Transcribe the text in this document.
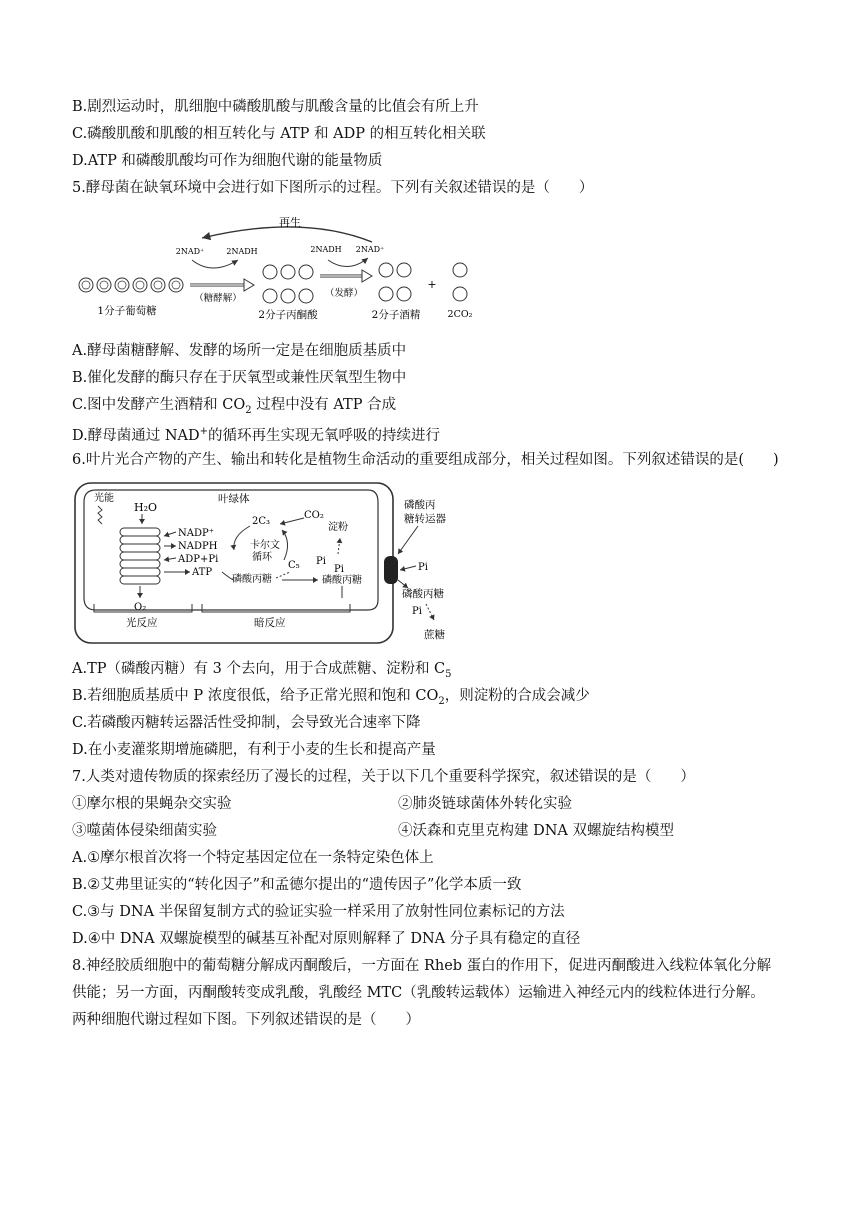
B.剧烈运动时，肌细胞中磷酸肌酸与肌酸含量的比值会有所上升
C.磷酸肌酸和肌酸的相互转化与 ATP 和 ADP 的相互转化相关联
D.ATP 和磷酸肌酸均可作为细胞代谢的能量物质
5.酵母菌在缺氧环境中会进行如下图所示的过程。下列有关叙述错误的是（　　）
再生
2NAD⁺	2NADH	2NADH 2NAD⁺
1分子葡萄糖
（糖酵解）
2分子丙酮酸
（发酵）
2分子酒精
+
2CO₂
A.酵母菌糖酵解、发酵的场所一定是在细胞质基质中
B.催化发酵的酶只存在于厌氧型或兼性厌氧型生物中
C.图中发酵产生酒精和 $CO_2$ 过程中没有 ATP 合成
D.酵母菌通过 NAD+的循环再生实现无氧呼吸的持续进行
6.叶片光合产物的产生、输出和转化是植物生命活动的重要组成部分，相关过程如图。下列叙述错误的是(　　)
光能
H₂O
叶绿体
O₂
NADP⁺
NADPH
ADP+Pi
ATP
2C₃
CO₂
卡尔文
循环
C₅
磷酸丙糖
淀粉
Pi
Pi
磷酸丙糖
光反应	暗反应
磷酸丙
糖转运器
Pi
磷酸丙糖
Pi
蔗糖
A.TP（磷酸丙糖）有 3 个去向，用于合成蔗糖、淀粉和 $C_5$
B.若细胞质基质中 P 浓度很低，给予正常光照和饱和 $CO_2$，则淀粉的合成会减少
C.若磷酸丙糖转运器活性受抑制，会导致光合速率下降
D.在小麦灌浆期增施磷肥，有利于小麦的生长和提高产量
7.人类对遗传物质的探索经历了漫长的过程，关于以下几个重要科学探究，叙述错误的是（　　）
①摩尔根的果蝇杂交实验	②肺炎链球菌体外转化实验
③噬菌体侵染细菌实验	④沃森和克里克构建 DNA 双螺旋结构模型
A.①摩尔根首次将一个特定基因定位在一条特定染色体上
B.②艾弗里证实的“转化因子”和孟德尔提出的“遗传因子”化学本质一致
C.③与 DNA 半保留复制方式的验证实验一样采用了放射性同位素标记的方法
D.④中 DNA 双螺旋模型的碱基互补配对原则解释了 DNA 分子具有稳定的直径
8.神经胶质细胞中的葡萄糖分解成丙酮酸后，一方面在 Rheb 蛋白的作用下，促进丙酮酸进入线粒体氧化分解
供能；另一方面，丙酮酸转变成乳酸，乳酸经 MTC（乳酸转运载体）运输进入神经元内的线粒体进行分解。
两种细胞代谢过程如下图。下列叙述错误的是（　　）
